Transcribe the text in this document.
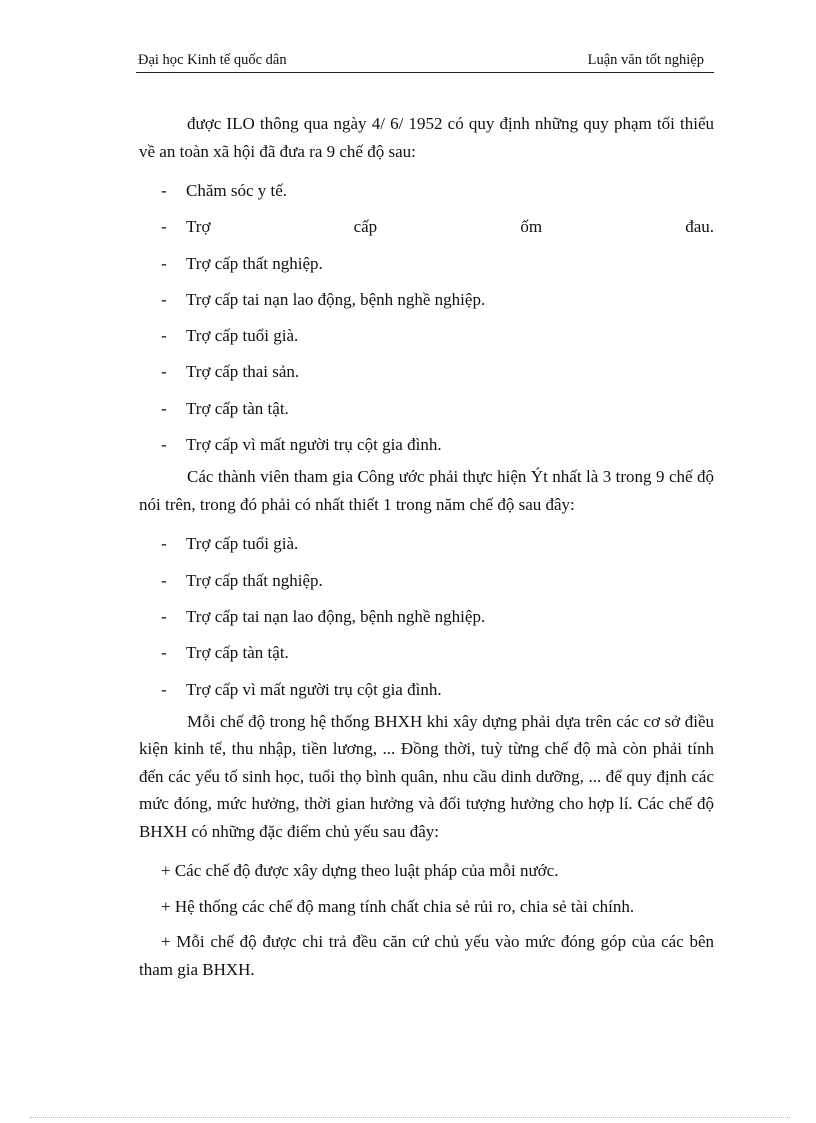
Đại học Kinh tế quốc dân	Luận văn tốt nghiệp

được ILO thông qua ngày 4/ 6/ 1952 có quy định những quy phạm tối thiểu về an toàn xã hội đã đưa ra 9 chế độ sau:

- Chăm sóc y tế.
- Trợ	cấp	ốm	đau.
- Trợ cấp thất nghiệp.
- Trợ cấp tai nạn lao động, bệnh nghề nghiệp.
- Trợ cấp tuổi già.
- Trợ cấp thai sản.
- Trợ cấp tàn tật.
- Trợ cấp vì mất người trụ cột gia đình.

Các thành viên tham gia Công ước phải thực hiện Ýt nhất là 3 trong 9 chế độ nói trên, trong đó phải có nhất thiết 1 trong năm chế độ sau đây:

- Trợ cấp tuổi già.
- Trợ cấp thất nghiệp.
- Trợ cấp tai nạn lao động, bệnh nghề nghiệp.
- Trợ cấp tàn tật.
- Trợ cấp vì mất người trụ cột gia đình.

Mỗi chế độ trong hệ thống BHXH khi xây dựng phải dựa trên các cơ sở điều kiện kinh tế, thu nhập, tiền lương, ... Đồng thời, tuỳ từng chế độ mà còn phải tính đến các yếu tố sinh học, tuổi thọ bình quân, nhu cầu dinh dưỡng, ... để quy định các mức đóng, mức hưởng, thời gian hưởng và đối tượng hưởng cho hợp lí. Các chế độ BHXH có những đặc điểm chủ yếu sau đây:

+ Các chế độ được xây dựng theo luật pháp của mỗi nước.

+ Hệ thống các chế độ mang tính chất chia sẻ rủi ro, chia sẻ tài chính.

+ Mỗi chế độ được chi trả đều căn cứ chủ yếu vào mức đóng góp của các bên tham gia BHXH.
